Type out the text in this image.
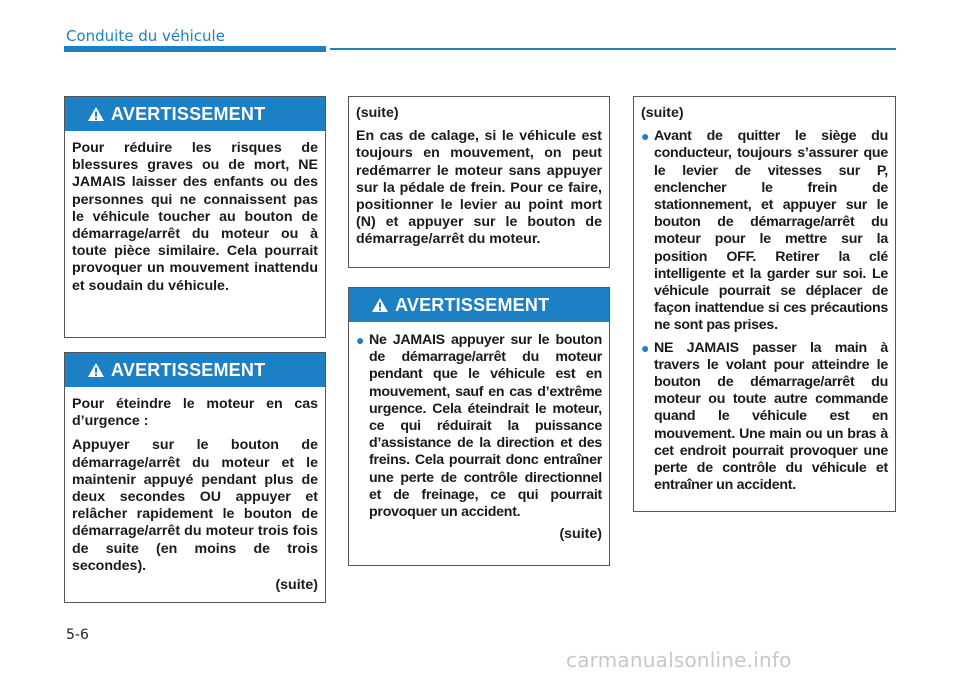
Conduite du véhicule
AVERTISSEMENT

Pour réduire les risques de blessures graves ou de mort, NE JAMAIS laisser des enfants ou des personnes qui ne connaissent pas le véhicule toucher au bouton de démarrage/arrêt du moteur ou à toute pièce similaire. Cela pourrait provoquer un mouvement inattendu et soudain du véhicule.

AVERTISSEMENT

Pour éteindre le moteur en cas d’urgence :

Appuyer sur le bouton de démarrage/arrêt du moteur et le maintenir appuyé pendant plus de deux secondes OU appuyer et relâcher rapidement le bouton de démarrage/arrêt du moteur trois fois de suite (en moins de trois secondes).

(suite)

(suite)

En cas de calage, si le véhicule est toujours en mouvement, on peut redémarrer le moteur sans appuyer sur la pédale de frein. Pour ce faire, positionner le levier au point mort (N) et appuyer sur le bouton de démarrage/arrêt du moteur.

AVERTISSEMENT
● Ne JAMAIS appuyer sur le bouton de démarrage/arrêt du moteur pendant que le véhicule est en mouvement, sauf en cas d’extrême urgence. Cela éteindrait le moteur, ce qui réduirait la puissance d’assistance de la direction et des freins. Cela pourrait donc entraîner une perte de contrôle directionnel et de freinage, ce qui pourrait provoquer un accident.

(suite)

(suite)

● Avant de quitter le siège du conducteur, toujours s’assurer que le levier de vitesses sur P, enclencher le frein de stationnement, et appuyer sur le bouton de démarrage/arrêt du moteur pour le mettre sur la position OFF. Retirer la clé intelligente et la garder sur soi. Le véhicule pourrait se déplacer de façon inattendue si ces précautions ne sont pas prises.
● NE JAMAIS passer la main à travers le volant pour atteindre le bouton de démarrage/arrêt du moteur ou toute autre commande quand le véhicule est en mouvement. Une main ou un bras à cet endroit pourrait provoquer une perte de contrôle du véhicule et entraîner un accident.
5-6
carmanualsonline.info
